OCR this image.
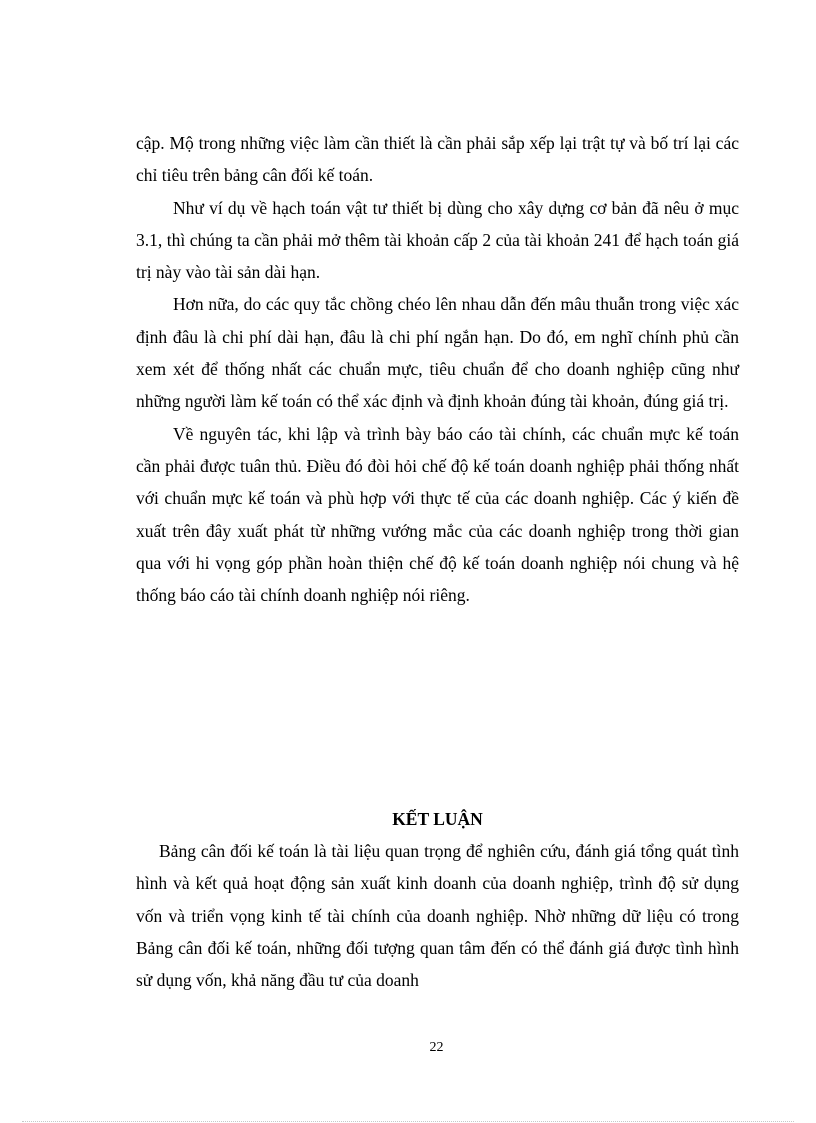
cập. Mộ trong những việc làm cần thiết là cần phải sắp xếp lại trật tự và bố trí lại các chỉ tiêu trên bảng cân đối kế toán.

Như ví dụ về hạch toán vật tư thiết bị dùng cho xây dựng cơ bản đã nêu ở mục 3.1, thì chúng ta cần phải mở thêm tài khoản cấp 2 của tài khoản 241 để hạch toán giá trị này vào tài sản dài hạn.

Hơn nữa, do các quy tắc chồng chéo lên nhau dẫn đến mâu thuẫn trong việc xác định đâu là chi phí dài hạn, đâu là chi phí ngắn hạn. Do đó, em nghĩ chính phủ cần xem xét để thống nhất các chuẩn mực, tiêu chuẩn để cho doanh nghiệp cũng như những người làm kế toán có thể xác định và định khoản đúng tài khoản, đúng giá trị.

Về nguyên tác, khi lập và trình bày báo cáo tài chính, các chuẩn mực kế toán cần phải được tuân thủ. Điều đó đòi hỏi chế độ kế toán doanh nghiệp phải thống nhất với chuẩn mực kế toán và phù hợp với thực tế của các doanh nghiệp. Các ý kiến đề xuất trên đây xuất phát từ những vướng mắc của các doanh nghiệp trong thời gian qua với hi vọng góp phần hoàn thiện chế độ kế toán doanh nghiệp nói chung và hệ thống báo cáo tài chính doanh nghiệp nói riêng.

KẾT LUẬN

Bảng cân đối kế toán là tài liệu quan trọng để nghiên cứu, đánh giá tổng quát tình hình và kết quả hoạt động sản xuất kinh doanh của doanh nghiệp, trình độ sử dụng vốn và triển vọng kinh tế tài chính của doanh nghiệp. Nhờ những dữ liệu có trong Bảng cân đối kế toán, những đối tượng quan tâm đến có thể đánh giá được tình hình sử dụng vốn, khả năng đầu tư của doanh

22
